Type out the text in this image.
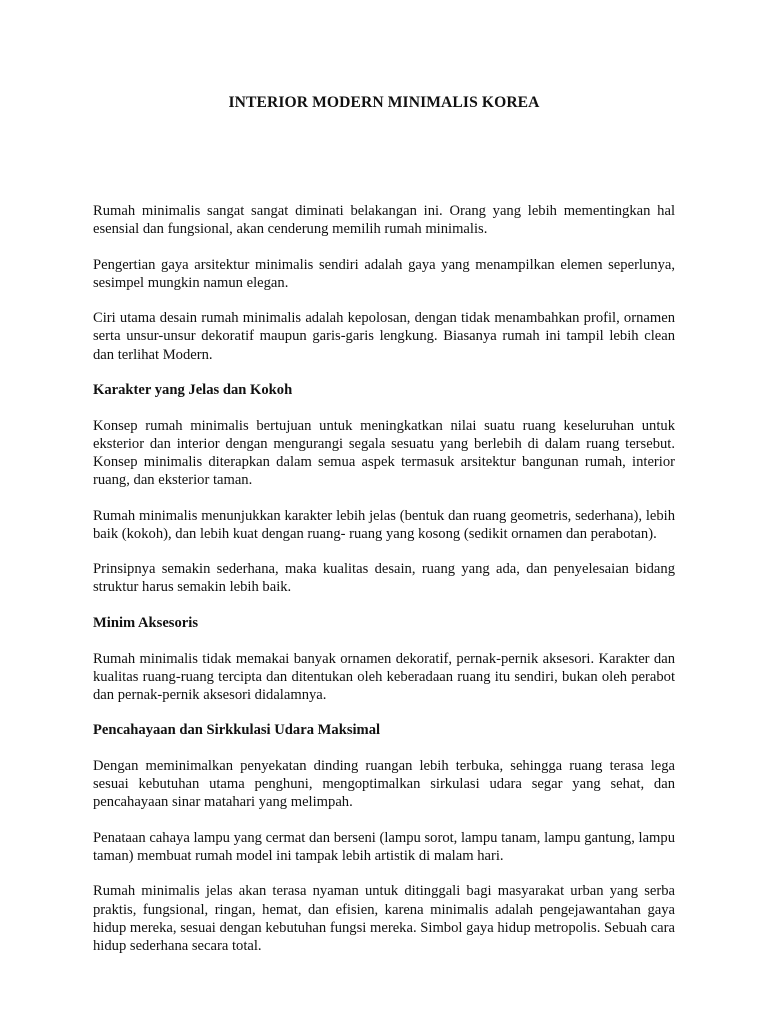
INTERIOR MODERN MINIMALIS KOREA

Rumah minimalis sangat sangat diminati belakangan ini. Orang yang lebih mementingkan hal esensial dan fungsional, akan cenderung memilih rumah minimalis.

Pengertian gaya arsitektur minimalis sendiri adalah gaya yang menampilkan elemen seperlunya, sesimpel mungkin namun elegan.

Ciri utama desain rumah minimalis adalah kepolosan, dengan tidak menambahkan profil, ornamen serta unsur-unsur dekoratif maupun garis-garis lengkung. Biasanya rumah ini tampil lebih clean dan terlihat Modern.

Karakter yang Jelas dan Kokoh

Konsep rumah minimalis bertujuan untuk meningkatkan nilai suatu ruang keseluruhan untuk eksterior dan interior dengan mengurangi segala sesuatu yang berlebih di dalam ruang tersebut. Konsep minimalis diterapkan dalam semua aspek termasuk arsitektur bangunan rumah, interior ruang, dan eksterior taman.

Rumah minimalis menunjukkan karakter lebih jelas (bentuk dan ruang geometris, sederhana), lebih baik (kokoh), dan lebih kuat dengan ruang- ruang yang kosong (sedikit ornamen dan perabotan).

Prinsipnya semakin sederhana, maka kualitas desain, ruang yang ada, dan penyelesaian bidang struktur harus semakin lebih baik.

Minim Aksesoris

Rumah minimalis tidak memakai banyak ornamen dekoratif, pernak-pernik aksesori. Karakter dan kualitas ruang-ruang tercipta dan ditentukan oleh keberadaan ruang itu sendiri, bukan oleh perabot dan pernak-pernik aksesori didalamnya.

Pencahayaan dan Sirkkulasi Udara Maksimal

Dengan meminimalkan penyekatan dinding ruangan lebih terbuka, sehingga ruang terasa lega sesuai kebutuhan utama penghuni, mengoptimalkan sirkulasi udara segar yang sehat, dan pencahayaan sinar matahari yang melimpah.

Penataan cahaya lampu yang cermat dan berseni (lampu sorot, lampu tanam, lampu gantung, lampu taman) membuat rumah model ini tampak lebih artistik di malam hari.

Rumah minimalis jelas akan terasa nyaman untuk ditinggali bagi masyarakat urban yang serba praktis, fungsional, ringan, hemat, dan efisien, karena minimalis adalah pengejawantahan gaya hidup mereka, sesuai dengan kebutuhan fungsi mereka. Simbol gaya hidup metropolis. Sebuah cara hidup sederhana secara total.
